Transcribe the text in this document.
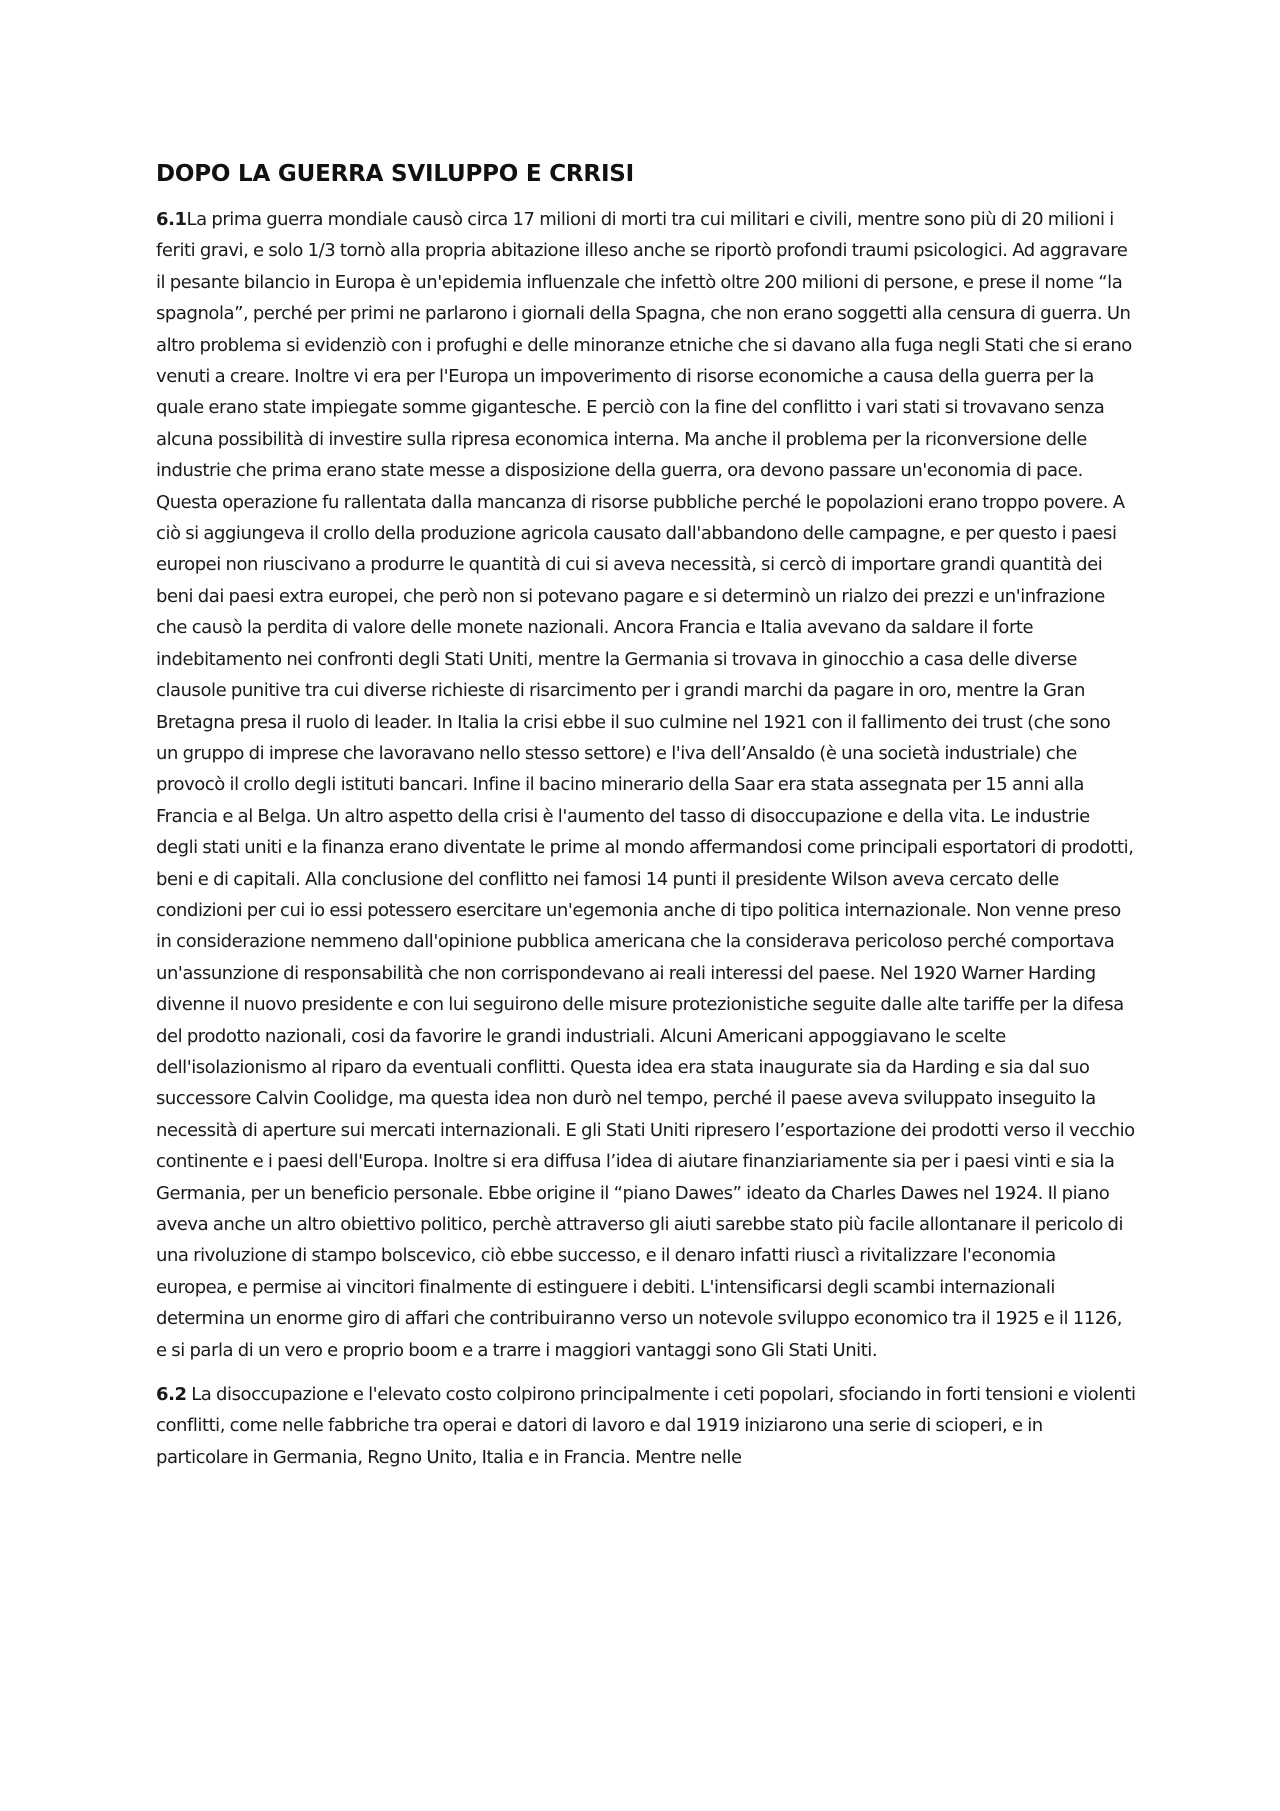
DOPO LA GUERRA SVILUPPO E CRRISI

6.1La prima guerra mondiale causò circa 17 milioni di morti tra cui militari e civili, mentre sono più di 20 milioni i feriti gravi, e solo 1/3 tornò alla propria abitazione illeso anche se riportò profondi traumi psicologici. Ad aggravare il pesante bilancio in Europa è un'epidemia influenzale che infettò oltre 200 milioni di persone, e prese il nome “la spagnola”, perché per primi ne parlarono i giornali della Spagna, che non erano soggetti alla censura di guerra. Un altro problema si evidenziò con i profughi e delle minoranze etniche che si davano alla fuga negli Stati che si erano venuti a creare. Inoltre vi era per l'Europa un impoverimento di risorse economiche a causa della guerra per la quale erano state impiegate somme gigantesche. E perciò con la fine del conflitto i vari stati si trovavano senza alcuna possibilità di investire sulla ripresa economica interna. Ma anche il problema per la riconversione delle industrie che prima erano state messe a disposizione della guerra, ora devono passare un'economia di pace. Questa operazione fu rallentata dalla mancanza di risorse pubbliche perché le popolazioni erano troppo povere. A ciò si aggiungeva il crollo della produzione agricola causato dall'abbandono delle campagne, e per questo i paesi europei non riuscivano a produrre le quantità di cui si aveva necessità, si cercò di importare grandi quantità dei beni dai paesi extra europei, che però non si potevano pagare e si determinò un rialzo dei prezzi e un'infrazione che causò la perdita di valore delle monete nazionali. Ancora Francia e Italia avevano da saldare il forte indebitamento nei confronti degli Stati Uniti, mentre la Germania si trovava in ginocchio a casa delle diverse clausole punitive tra cui diverse richieste di risarcimento per i grandi marchi da pagare in oro, mentre la Gran Bretagna presa il ruolo di leader. In Italia la crisi ebbe il suo culmine nel 1921 con il fallimento dei trust (che sono un gruppo di imprese che lavoravano nello stesso settore) e l'iva dell’Ansaldo (è una società industriale) che provocò il crollo degli istituti bancari. Infine il bacino minerario della Saar era stata assegnata per 15 anni alla Francia e al Belga. Un altro aspetto della crisi è l'aumento del tasso di disoccupazione e della vita. Le industrie degli stati uniti e la finanza erano diventate le prime al mondo affermandosi come principali esportatori di prodotti, beni e di capitali. Alla conclusione del conflitto nei famosi 14 punti il presidente Wilson aveva cercato delle condizioni per cui io essi potessero esercitare un'egemonia anche di tipo politica internazionale. Non venne preso in considerazione nemmeno dall'opinione pubblica americana che la considerava pericoloso perché comportava un'assunzione di responsabilità che non corrispondevano ai reali interessi del paese. Nel 1920 Warner Harding divenne il nuovo presidente e con lui seguirono delle misure protezionistiche seguite dalle alte tariffe per la difesa del prodotto nazionali, cosi da favorire le grandi industriali. Alcuni Americani appoggiavano le scelte dell'isolazionismo al riparo da eventuali conflitti. Questa idea era stata inaugurate sia da Harding e sia dal suo successore Calvin Coolidge, ma questa idea non durò nel tempo, perché il paese aveva sviluppato inseguito la necessità di aperture sui mercati internazionali. E gli Stati Uniti ripresero l’esportazione dei prodotti verso il vecchio continente e i paesi dell'Europa. Inoltre si era diffusa l’idea di aiutare finanziariamente sia per i paesi vinti e sia la Germania, per un beneficio personale. Ebbe origine il “piano Dawes” ideato da Charles Dawes nel 1924. Il piano aveva anche un altro obiettivo politico, perchè attraverso gli aiuti sarebbe stato più facile allontanare il pericolo di una rivoluzione di stampo bolscevico, ciò ebbe successo, e il denaro infatti riuscì a rivitalizzare l'economia europea, e permise ai vincitori finalmente di estinguere i debiti. L'intensificarsi degli scambi internazionali determina un enorme giro di affari che contribuiranno verso un notevole sviluppo economico tra il 1925 e il 1126, e si parla di un vero e proprio boom e a trarre i maggiori vantaggi sono Gli Stati Uniti.

6.2 La disoccupazione e l'elevato costo colpirono principalmente i ceti popolari, sfociando in forti tensioni e violenti conflitti, come nelle fabbriche tra operai e datori di lavoro e dal 1919 iniziarono una serie di scioperi, e in particolare in Germania, Regno Unito, Italia e in Francia. Mentre nelle
